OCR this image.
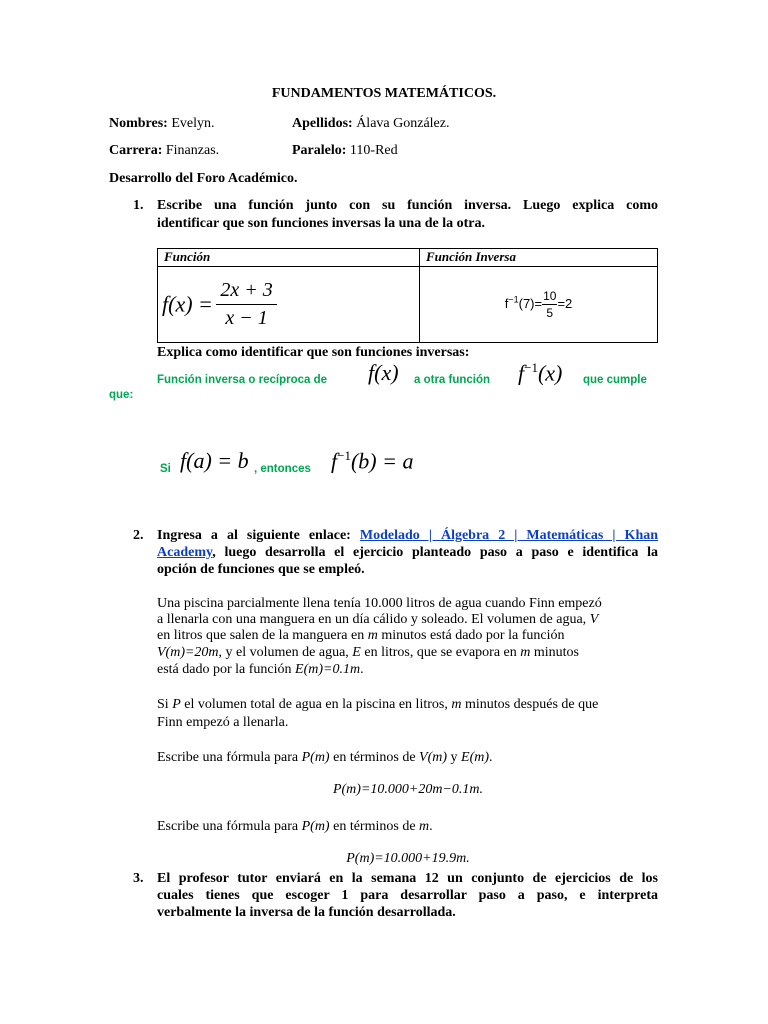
FUNDAMENTOS MATEMÁTICOS.
Nombres: Evelyn.	Apellidos: Álava González.
Carrera: Finanzas.	Paralelo: 110-Red
Desarrollo del Foro Académico.
1. Escribe una función junto con su función inversa. Luego explica como
identificar que son funciones inversas la una de la otra.
Función	Función Inversa
$f(x) = \frac{2x + 3}{x - 1}$	$f^{-1}(7)= \frac{10}{5} =2$
Explica como identificar que son funciones inversas:
Función inversa o recíproca de f(x) a otra función $f^{-1}(x)$ que cumple
que:
Si f(a) = b , entonces $f^{-1}(b) = a$
2. Ingresa a al siguiente enlace: Modelado | Álgebra 2 | Matemáticas | Khan
Academy, luego desarrolla el ejercicio planteado paso a paso e identifica la
opción de funciones que se empleó.
Una piscina parcialmente llena tenía 10.000 litros de agua cuando Finn empezó
a llenarla con una manguera en un día cálido y soleado. El volumen de agua, V
en litros que salen de la manguera en m minutos está dado por la función
V(m)=20m, y el volumen de agua, E en litros, que se evapora en m minutos
está dado por la función E(m)=0.1m.
Si P el volumen total de agua en la piscina en litros, m minutos después de que
Finn empezó a llenarla.
Escribe una fórmula para P(m) en términos de V(m) y E(m).
P(m)=10.000+20m−0.1m.
Escribe una fórmula para P(m) en términos de m.
P(m)=10.000+19.9m.
3. El profesor tutor enviará en la semana 12 un conjunto de ejercicios de los
cuales tienes que escoger 1 para desarrollar paso a paso, e interpreta
verbalmente la inversa de la función desarrollada.
